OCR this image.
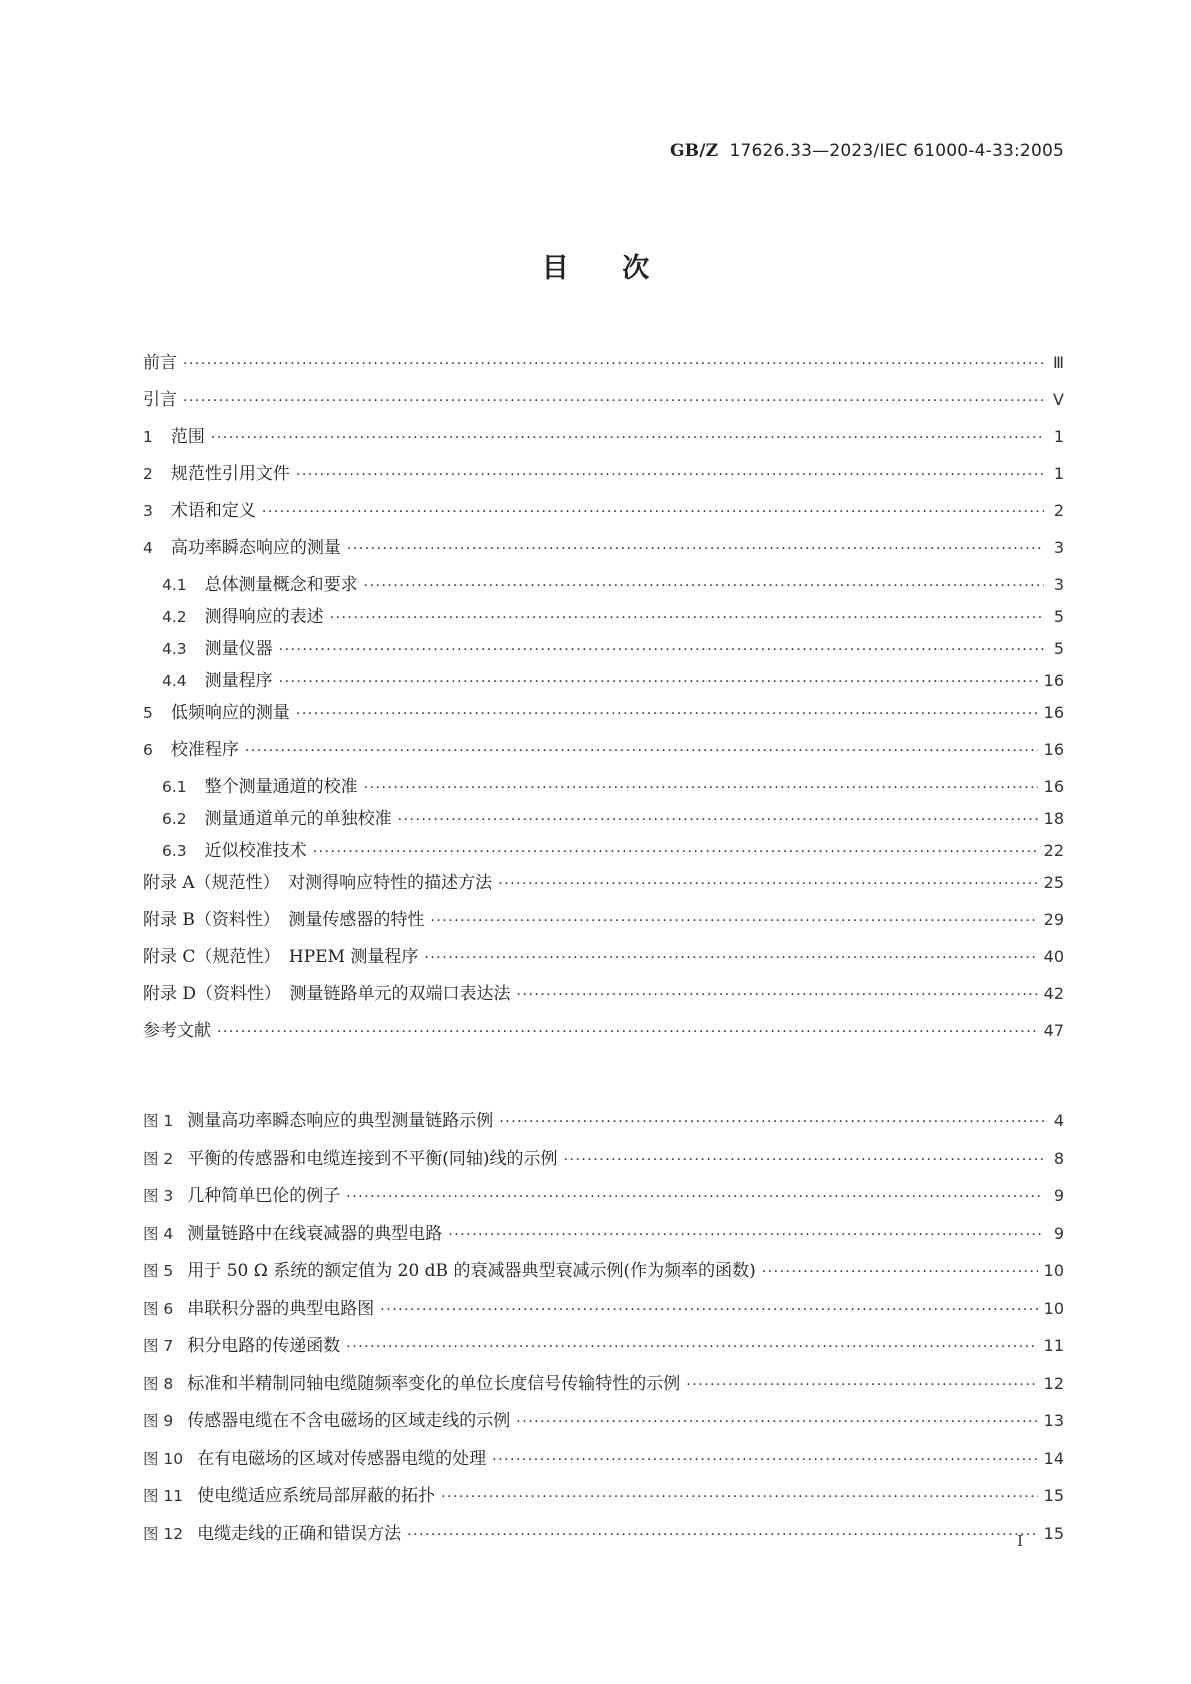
GB/Z 17626.33—2023/IEC 61000-4-33:2005
目 次
前言 ·····	Ⅲ
引言 ·····	Ⅴ
1 范围 ·····	1
2 规范性引用文件 ·····	1
3 术语和定义 ·····	2
4 高功率瞬态响应的测量 ·····	3
4.1 总体测量概念和要求 ·····	3
4.2 测得响应的表述 ·····	5
4.3 测量仪器 ·····	5
4.4 测量程序 ·····	16
5 低频响应的测量 ·····	16
6 校准程序 ·····	16
6.1 整个测量通道的校准 ·····	16
6.2 测量通道单元的单独校准 ·····	18
6.3 近似校准技术 ·····	22
附录 A（规范性）　对测得响应特性的描述方法 ·····	25
附录 B（资料性）　测量传感器的特性 ·····	29
附录 C（规范性）　HPEM 测量程序 ·····	40
附录 D（资料性）　测量链路单元的双端口表达法 ·····	42
参考文献 ·····	47
图 1 测量高功率瞬态响应的典型测量链路示例 ·····	4
图 2 平衡的传感器和电缆连接到不平衡(同轴)线的示例 ·····	8
图 3 几种简单巴伦的例子 ·····	9
图 4 测量链路中在线衰减器的典型电路 ·····	9
图 5 用于 50 Ω 系统的额定值为 20 dB 的衰减器典型衰减示例(作为频率的函数) ·····	10
图 6 串联积分器的典型电路图 ·····	10
图 7 积分电路的传递函数 ·····	11
图 8 标准和半精制同轴电缆随频率变化的单位长度信号传输特性的示例 ·····	12
图 9 传感器电缆在不含电磁场的区域走线的示例 ·····	13
图 10 在有电磁场的区域对传感器电缆的处理 ·····	14
图 11 使电缆适应系统局部屏蔽的拓扑 ·····	15
图 12 电缆走线的正确和错误方法 ·····	15
Ⅰ
